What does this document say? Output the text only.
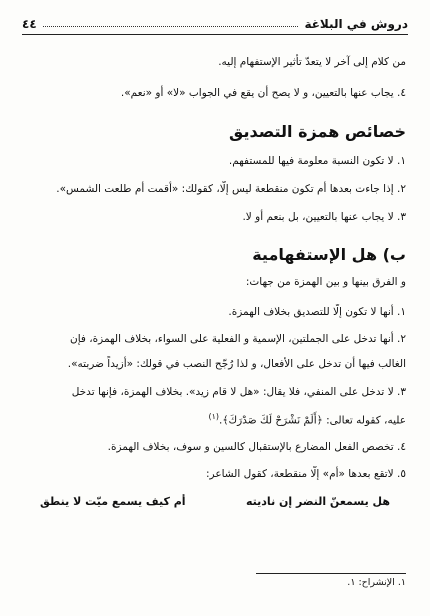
دروش في البلاغة
٤٤
من كلام إلى آخر لا يتعدّ تأثير الإستفهام إليه.
٤. يجاب عنها بالتعيين، و لا يصح أن يقع في الجواب «لا» أو «نعم».
خصائص همزة التصديق
١. لا تكون النسبة معلومة فيها للمستفهم.
٢. إذا جاءت بعدها أم تكون منقطعة ليس إلّا، كقولك: «أقمت أم طلعت الشمس».
٣. لا يجاب عنها بالتعيين، بل بنعم أو لا.
ب) هل الإستفهامية
و الفرق بينها و بين الهمزة من جهات:
١. أنها لا تكون إلّا للتصديق بخلاف الهمزة.
٢. أنها تدخل على الجملتين، الإسمية و الفعلية على السواء، بخلاف الهمزة، فإن
الغالب فيها أن تدخل على الأفعال، و لذا رُجّح النصب في قولك: «أزيداً ضربته».
٣. لا تدخل على المنفي، فلا يقال: «هل لا قام زيد». بخلاف الهمزة، فإنها تدخل
عليه، كقوله تعالى: ﴿أَلَمْ نَشْرَحْ لَكَ صَدْرَكَ﴾.$^{(١)}$
٤. تخصص الفعل المضارع بالإستقبال كالسين و سوف، بخلاف الهمزة.
٥. لاتقع بعدها «أم» إلّا منقطعة، كقول الشاعر:
هل يسمعنّ النضر إن ناديته
أم كيف يسمع ميّت لا ينطق
١. الإنشراح: ١.
